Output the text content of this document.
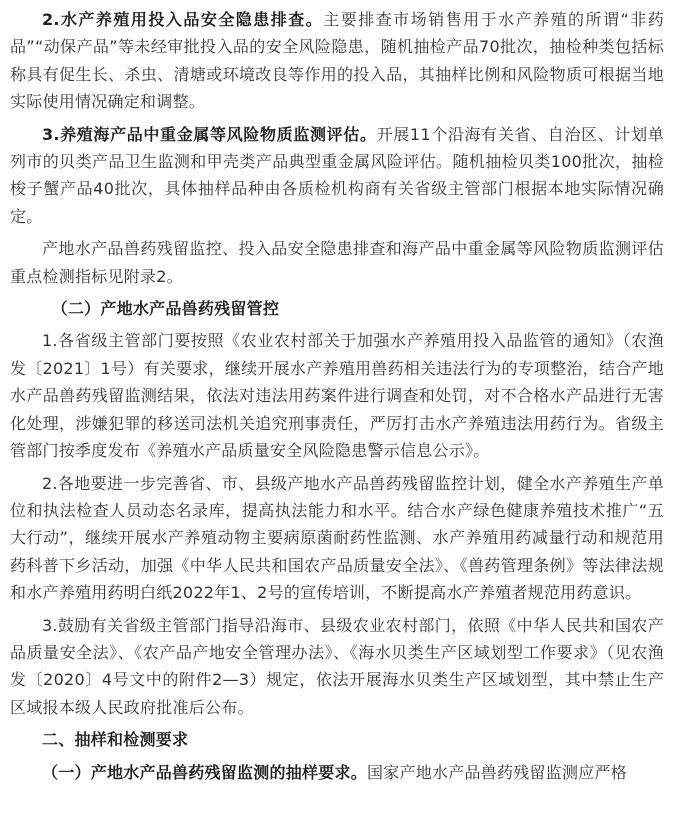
2.水产养殖用投入品安全隐患排查。主要排查市场销售用于水产养殖的所谓“非药品”“动保产品”等未经审批投入品的安全风险隐患，随机抽检产品70批次，抽检种类包括标称具有促生长、杀虫、清塘或环境改良等作用的投入品，其抽样比例和风险物质可根据当地实际使用情况确定和调整。

3.养殖海产品中重金属等风险物质监测评估。开展11个沿海有关省、自治区、计划单列市的贝类产品卫生监测和甲壳类产品典型重金属风险评估。随机抽检贝类100批次，抽检梭子蟹产品40批次，具体抽样品种由各质检机构商有关省级主管部门根据本地实际情况确定。

产地水产品兽药残留监控、投入品安全隐患排查和海产品中重金属等风险物质监测评估重点检测指标见附录2。

（二）产地水产品兽药残留管控

1.各省级主管部门要按照《农业农村部关于加强水产养殖用投入品监管的通知》（农渔发〔2021〕1号）有关要求，继续开展水产养殖用兽药相关违法行为的专项整治，结合产地水产品兽药残留监测结果，依法对违法用药案件进行调查和处罚，对不合格水产品进行无害化处理，涉嫌犯罪的移送司法机关追究刑事责任，严厉打击水产养殖违法用药行为。省级主管部门按季度发布《养殖水产品质量安全风险隐患警示信息公示》。

2.各地要进一步完善省、市、县级产地水产品兽药残留监控计划，健全水产养殖生产单位和执法检查人员动态名录库，提高执法能力和水平。结合水产绿色健康养殖技术推广“五大行动”，继续开展水产养殖动物主要病原菌耐药性监测、水产养殖用药减量行动和规范用药科普下乡活动，加强《中华人民共和国农产品质量安全法》、《兽药管理条例》等法律法规和水产养殖用药明白纸2022年1、2号的宣传培训，不断提高水产养殖者规范用药意识。

3.鼓励有关省级主管部门指导沿海市、县级农业农村部门，依照《中华人民共和国农产品质量安全法》、《农产品产地安全管理办法》、《海水贝类生产区域划型工作要求》（见农渔发〔2020〕4号文中的附件2—3）规定，依法开展海水贝类生产区域划型，其中禁止生产区域报本级人民政府批准后公布。

二、抽样和检测要求

（一）产地水产品兽药残留监测的抽样要求。国家产地水产品兽药残留监测应严格
